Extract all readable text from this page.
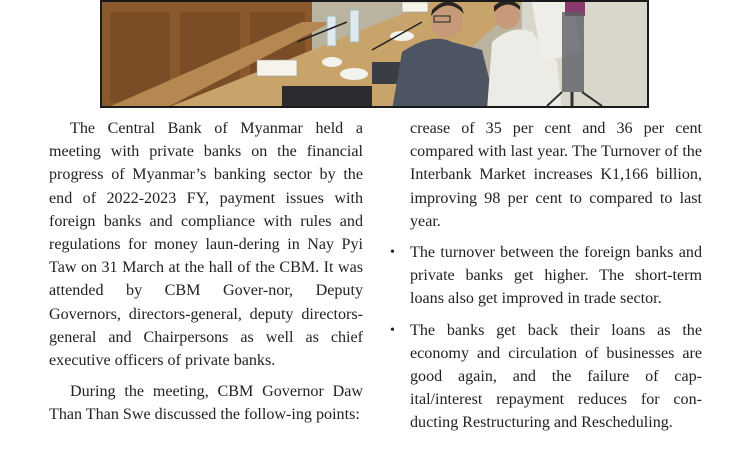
The Central Bank of Myanmar held a meeting with private banks on the financial progress of Myanmar’s banking sector by the end of 2022-2023 FY, payment issues with foreign banks and compliance with rules and regulations for money laun-dering in Nay Pyi Taw on 31 March at the hall of the CBM. It was attended by CBM Gover-nor, Deputy Governors, directors-general, deputy directors-general and Chairpersons as well as chief executive officers of private banks.

During the meeting, CBM Governor Daw Than Than Swe discussed the follow-ing points:

crease of 35 per cent and 36 per cent compared with last year. The Turnover of the Interbank Market increases K1,166 billion, improving 98 per cent to compared to last year.

• The turnover between the foreign banks and private banks get higher. The short-term loans also get improved in trade sector.
• The banks get back their loans as the economy and circulation of businesses are good again, and the failure of cap-ital/interest repayment reduces for con-ducting Restructuring and Rescheduling.
